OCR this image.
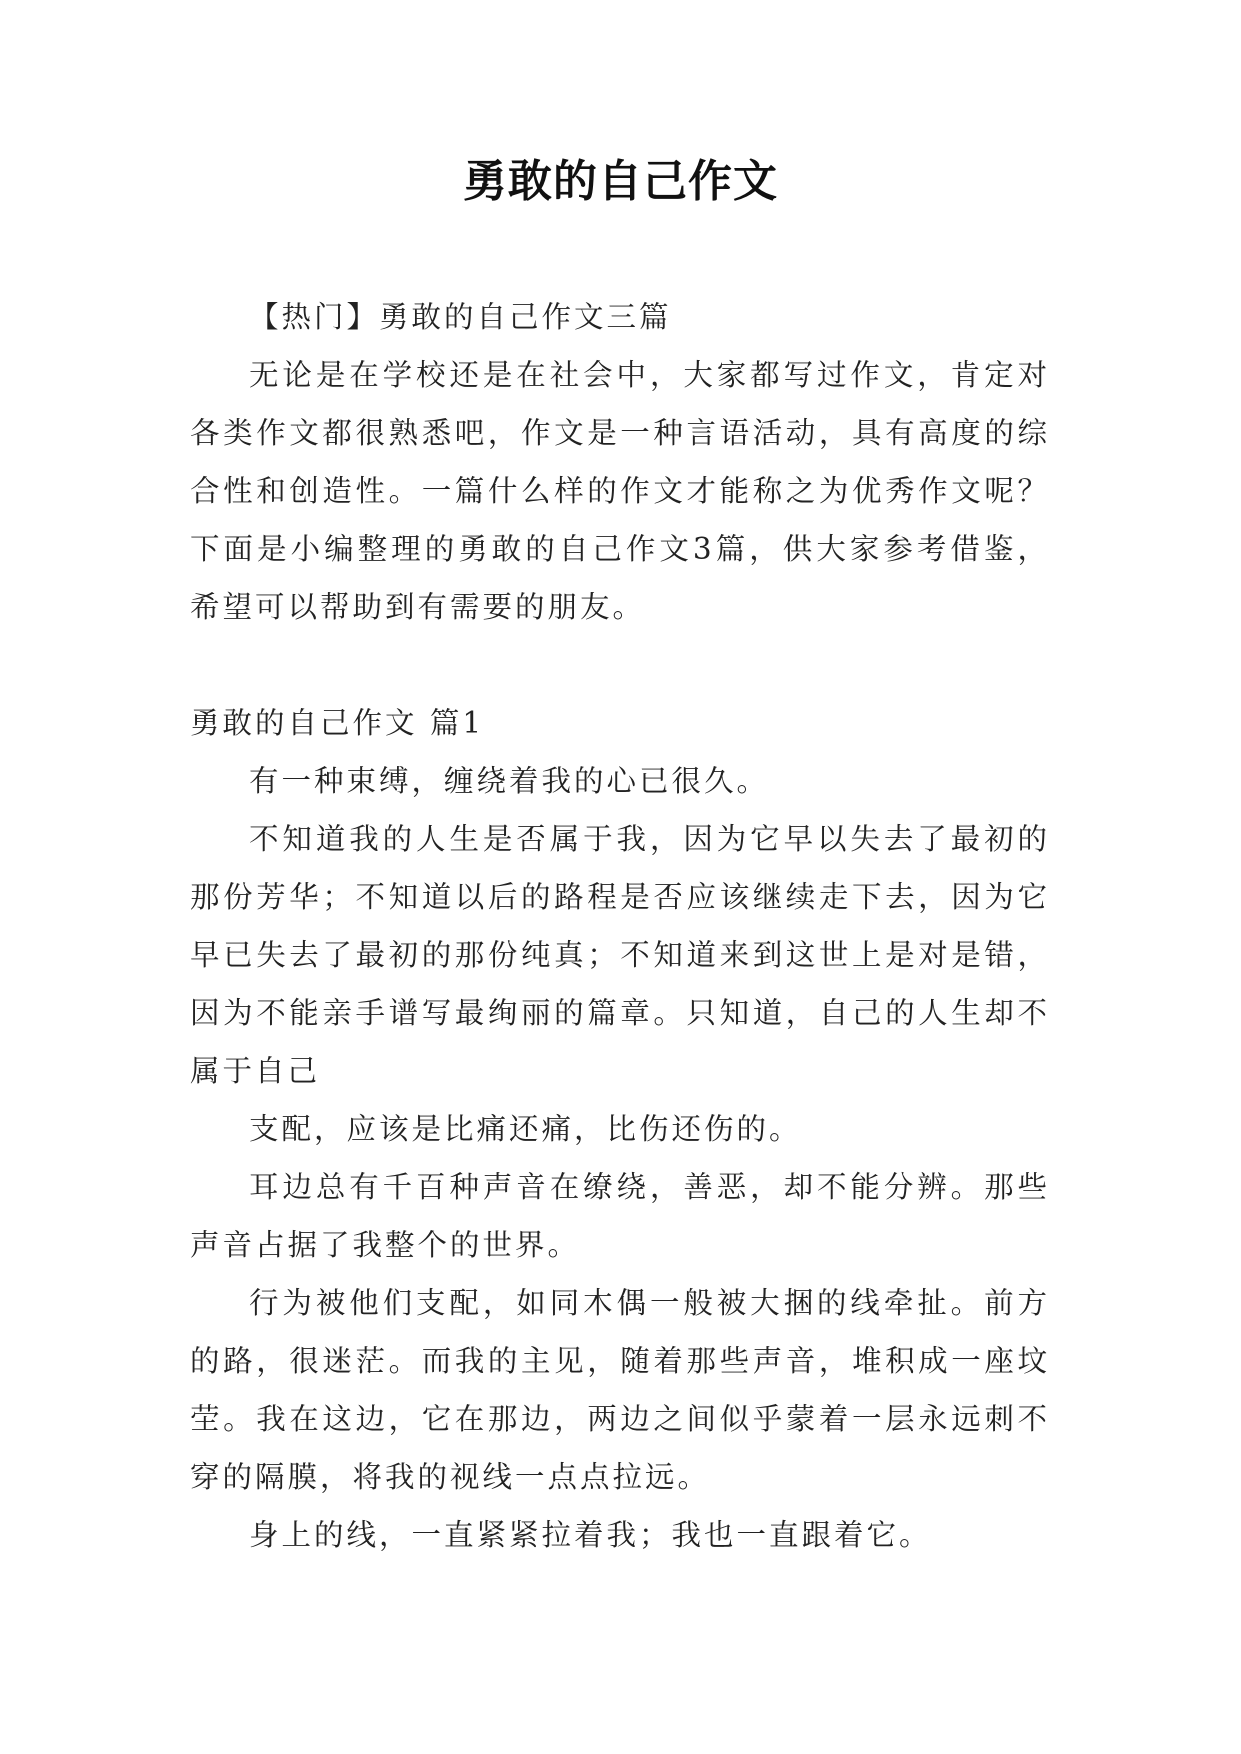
勇敢的自己作文

【热门】勇敢的自己作文三篇

无论是在学校还是在社会中，大家都写过作文，肯定对各类作文都很熟悉吧，作文是一种言语活动，具有高度的综合性和创造性。一篇什么样的作文才能称之为优秀作文呢？下面是小编整理的勇敢的自己作文3篇，供大家参考借鉴，希望可以帮助到有需要的朋友。

勇敢的自己作文 篇1

有一种束缚，缠绕着我的心已很久。

不知道我的人生是否属于我，因为它早以失去了最初的那份芳华；不知道以后的路程是否应该继续走下去，因为它早已失去了最初的那份纯真；不知道来到这世上是对是错，因为不能亲手谱写最绚丽的篇章。只知道，自己的人生却不属于自己

支配，应该是比痛还痛，比伤还伤的。

耳边总有千百种声音在缭绕，善恶，却不能分辨。那些声音占据了我整个的世界。

行为被他们支配，如同木偶一般被大捆的线牵扯。前方的路，很迷茫。而我的主见，随着那些声音，堆积成一座坟茔。我在这边，它在那边，两边之间似乎蒙着一层永远刺不穿的隔膜，将我的视线一点点拉远。

身上的线，一直紧紧拉着我；我也一直跟着它。
